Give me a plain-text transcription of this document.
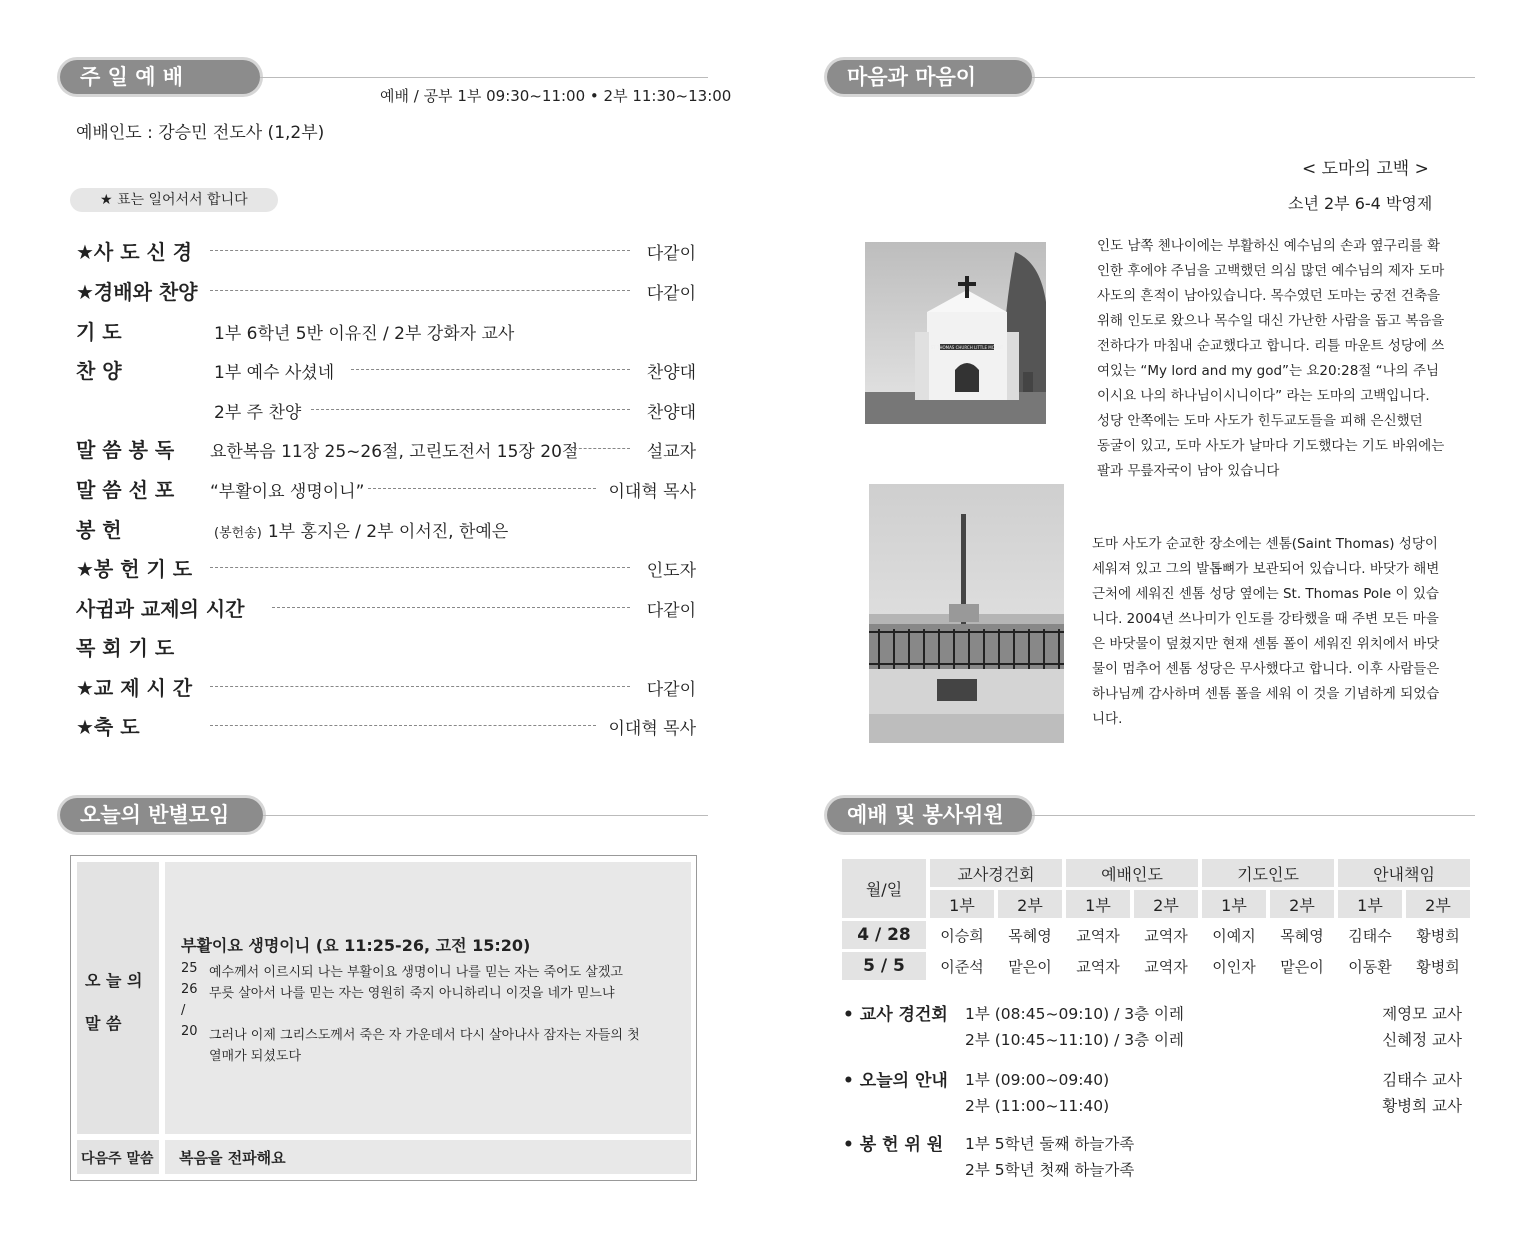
주 일 예 배
예배 / 공부 1부 09:30~11:00 • 2부 11:30~13:00
예배인도 : 강승민 전도사 (1,2부)
★ 표는 일어서서 합니다
★사 도 신 경	다같이
★경배와 찬양	다같이
기 도	1부 6학년 5반 이유진 / 2부 강화자 교사
찬 양	1부 예수 사셨네	찬양대
2부 주 찬양	찬양대
말 씀 봉 독	요한복음 11장 25~26절, 고린도전서 15장 20절	설교자
말 씀 선 포	“부활이요 생명이니”	이대혁 목사
봉 헌	(봉헌송) 1부 홍지은 / 2부 이서진, 한예은
★봉 헌 기 도	인도자
사귐과 교제의 시간	다같이
목 회 기 도
★교 제 시 간	다같이
★축 도	이대혁 목사
오늘의 반별모임
오 늘 의
말 씀
부활이요 생명이니 (요 11:25-26, 고전 15:20)
25 예수께서 이르시되 나는 부활이요 생명이니 나를 믿는 자는 죽어도 살겠고
26 무릇 살아서 나를 믿는 자는 영원히 죽지 아니하리니 이것을 네가 믿느냐
/
20 그러나 이제 그리스도께서 죽은 자 가운데서 다시 살아나사 잠자는 자들의 첫
열매가 되셨도다
다음주 말씀 복음을 전파해요
마음과 마음이
< 도마의 고백 >
소년 2부 6-4 박영제
ST THOMAS CHURCH LITTLE MOUNT
인도 남쪽 첸나이에는 부활하신 예수님의 손과 옆구리를 확
인한 후에야 주님을 고백했던 의심 많던 예수님의 제자 도마
사도의 흔적이 남아있습니다. 목수였던 도마는 궁전 건축을
위해 인도로 왔으나 목수일 대신 가난한 사람을 돕고 복음을
전하다가 마침내 순교했다고 합니다. 리틀 마운트 성당에 쓰
여있는 “My lord and my god”는 요20:28절 “나의 주님
이시요 나의 하나님이시니이다” 라는 도마의 고백입니다.
성당 안쪽에는 도마 사도가 힌두교도들을 피해 은신했던
동굴이 있고, 도마 사도가 날마다 기도했다는 기도 바위에는
팔과 무릎자국이 남아 있습니다
도마 사도가 순교한 장소에는 센톰(Saint Thomas) 성당이
세워져 있고 그의 발톱뼈가 보관되어 있습니다. 바닷가 해변
근처에 세워진 센톰 성당 옆에는 St. Thomas Pole 이 있습
니다. 2004년 쓰나미가 인도를 강타했을 때 주변 모든 마을
은 바닷물이 덮쳤지만 현재 센톰 폴이 세워진 위치에서 바닷
물이 멈추어 센톰 성당은 무사했다고 합니다. 이후 사람들은
하나님께 감사하며 센톰 폴을 세워 이 것을 기념하게 되었습
니다.
예배 및 봉사위원
월/일	교사경건회		예배인도		기도인도		안내책임	
	1부	2부	1부	2부	1부	2부	1부	2부
4 / 28	이승희	목혜영	교역자	교역자	이예지	목혜영	김태수	황병희
5 / 5	이준석	맡은이	교역자	교역자	이인자	맡은이	이동환	황병희
• 교사 경건회 1부 (08:45~09:10) / 3층 이레	제영모 교사
2부 (10:45~11:10) / 3층 이레	신혜정 교사
• 오늘의 안내 1부 (09:00~09:40)	김태수 교사
2부 (11:00~11:40)	황병희 교사
• 봉 헌 위 원 1부 5학년 둘째 하늘가족
2부 5학년 첫째 하늘가족
